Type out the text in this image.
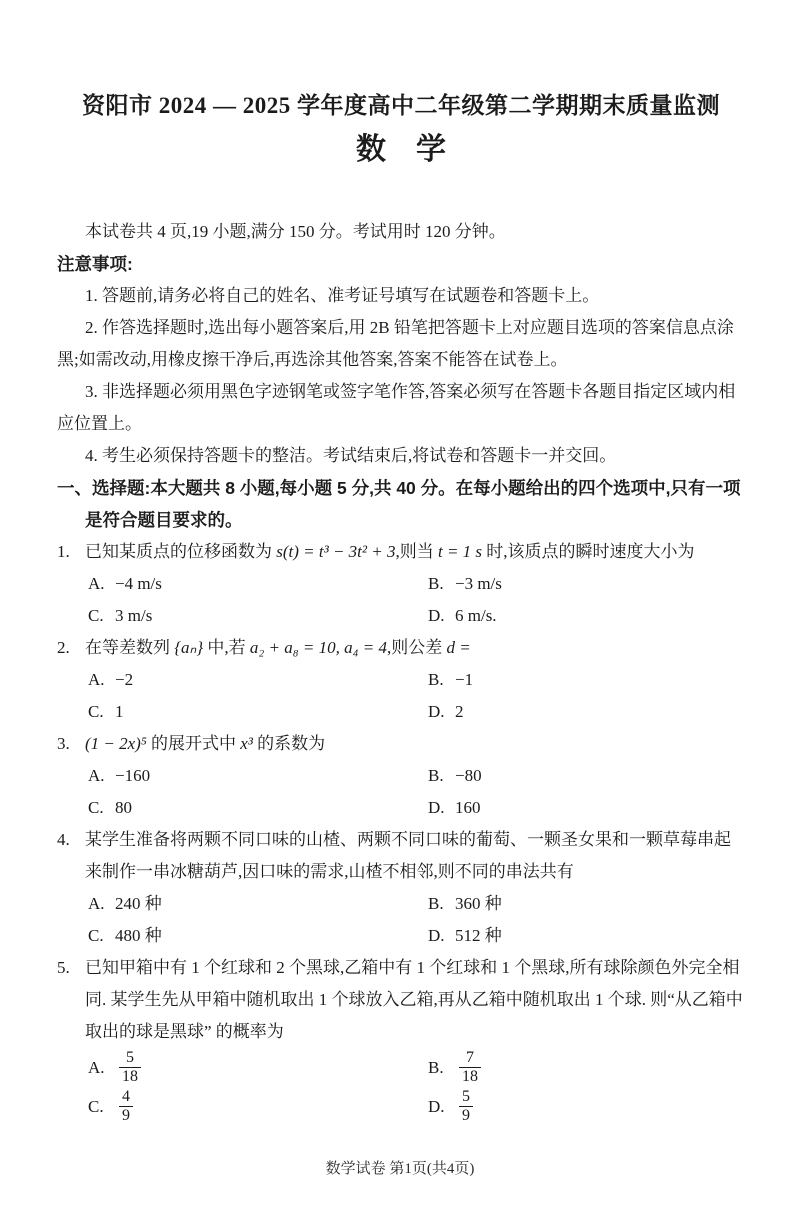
资阳市 2024 — 2025 学年度高中二年级第二学期期末质量监测
数　学
本试卷共 4 页,19 小题,满分 150 分。考试用时 120 分钟。
注意事项:
1. 答题前,请务必将自己的姓名、准考证号填写在试题卷和答题卡上。
2. 作答选择题时,选出每小题答案后,用 2B 铅笔把答题卡上对应题目选项的答案信息点涂黑;如需改动,用橡皮擦干净后,再选涂其他答案,答案不能答在试卷上。
3. 非选择题必须用黑色字迹钢笔或签字笔作答,答案必须写在答题卡各题目指定区域内相应位置上。
4. 考生必须保持答题卡的整洁。考试结束后,将试卷和答题卡一并交回。
一、选择题:本大题共 8 小题,每小题 5 分,共 40 分。在每小题给出的四个选项中,只有一项是符合题目要求的。
1. 已知某质点的位移函数为 s(t) = t³ − 3t² + 3,则当 t = 1 s 时,该质点的瞬时速度大小为
A. −4 m/s	B. −3 m/s
C. 3 m/s	D. 6 m/s.
2. 在等差数列 {aₙ} 中,若 a₂ + a₈ = 10, a₄ = 4,则公差 d =
A. −2	B. −1
C. 1	D. 2
3. (1 − 2x)⁵ 的展开式中 x³ 的系数为
A. −160	B. −80
C. 80	D. 160
4. 某学生准备将两颗不同口味的山楂、两颗不同口味的葡萄、一颗圣女果和一颗草莓串起来制作一串冰糖葫芦,因口味的需求,山楂不相邻,则不同的串法共有
A. 240 种	B. 360 种
C. 480 种	D. 512 种
5. 已知甲箱中有 1 个红球和 2 个黑球,乙箱中有 1 个红球和 1 个黑球,所有球除颜色外完全相同. 某学生先从甲箱中随机取出 1 个球放入乙箱,再从乙箱中随机取出 1 个球. 则“从乙箱中取出的球是黑球” 的概率为
A. $\frac{5}{18}$	B. $\frac{7}{18}$
C. $\frac{4}{9}$	D. $\frac{5}{9}$
数学试卷 第1页(共4页)
